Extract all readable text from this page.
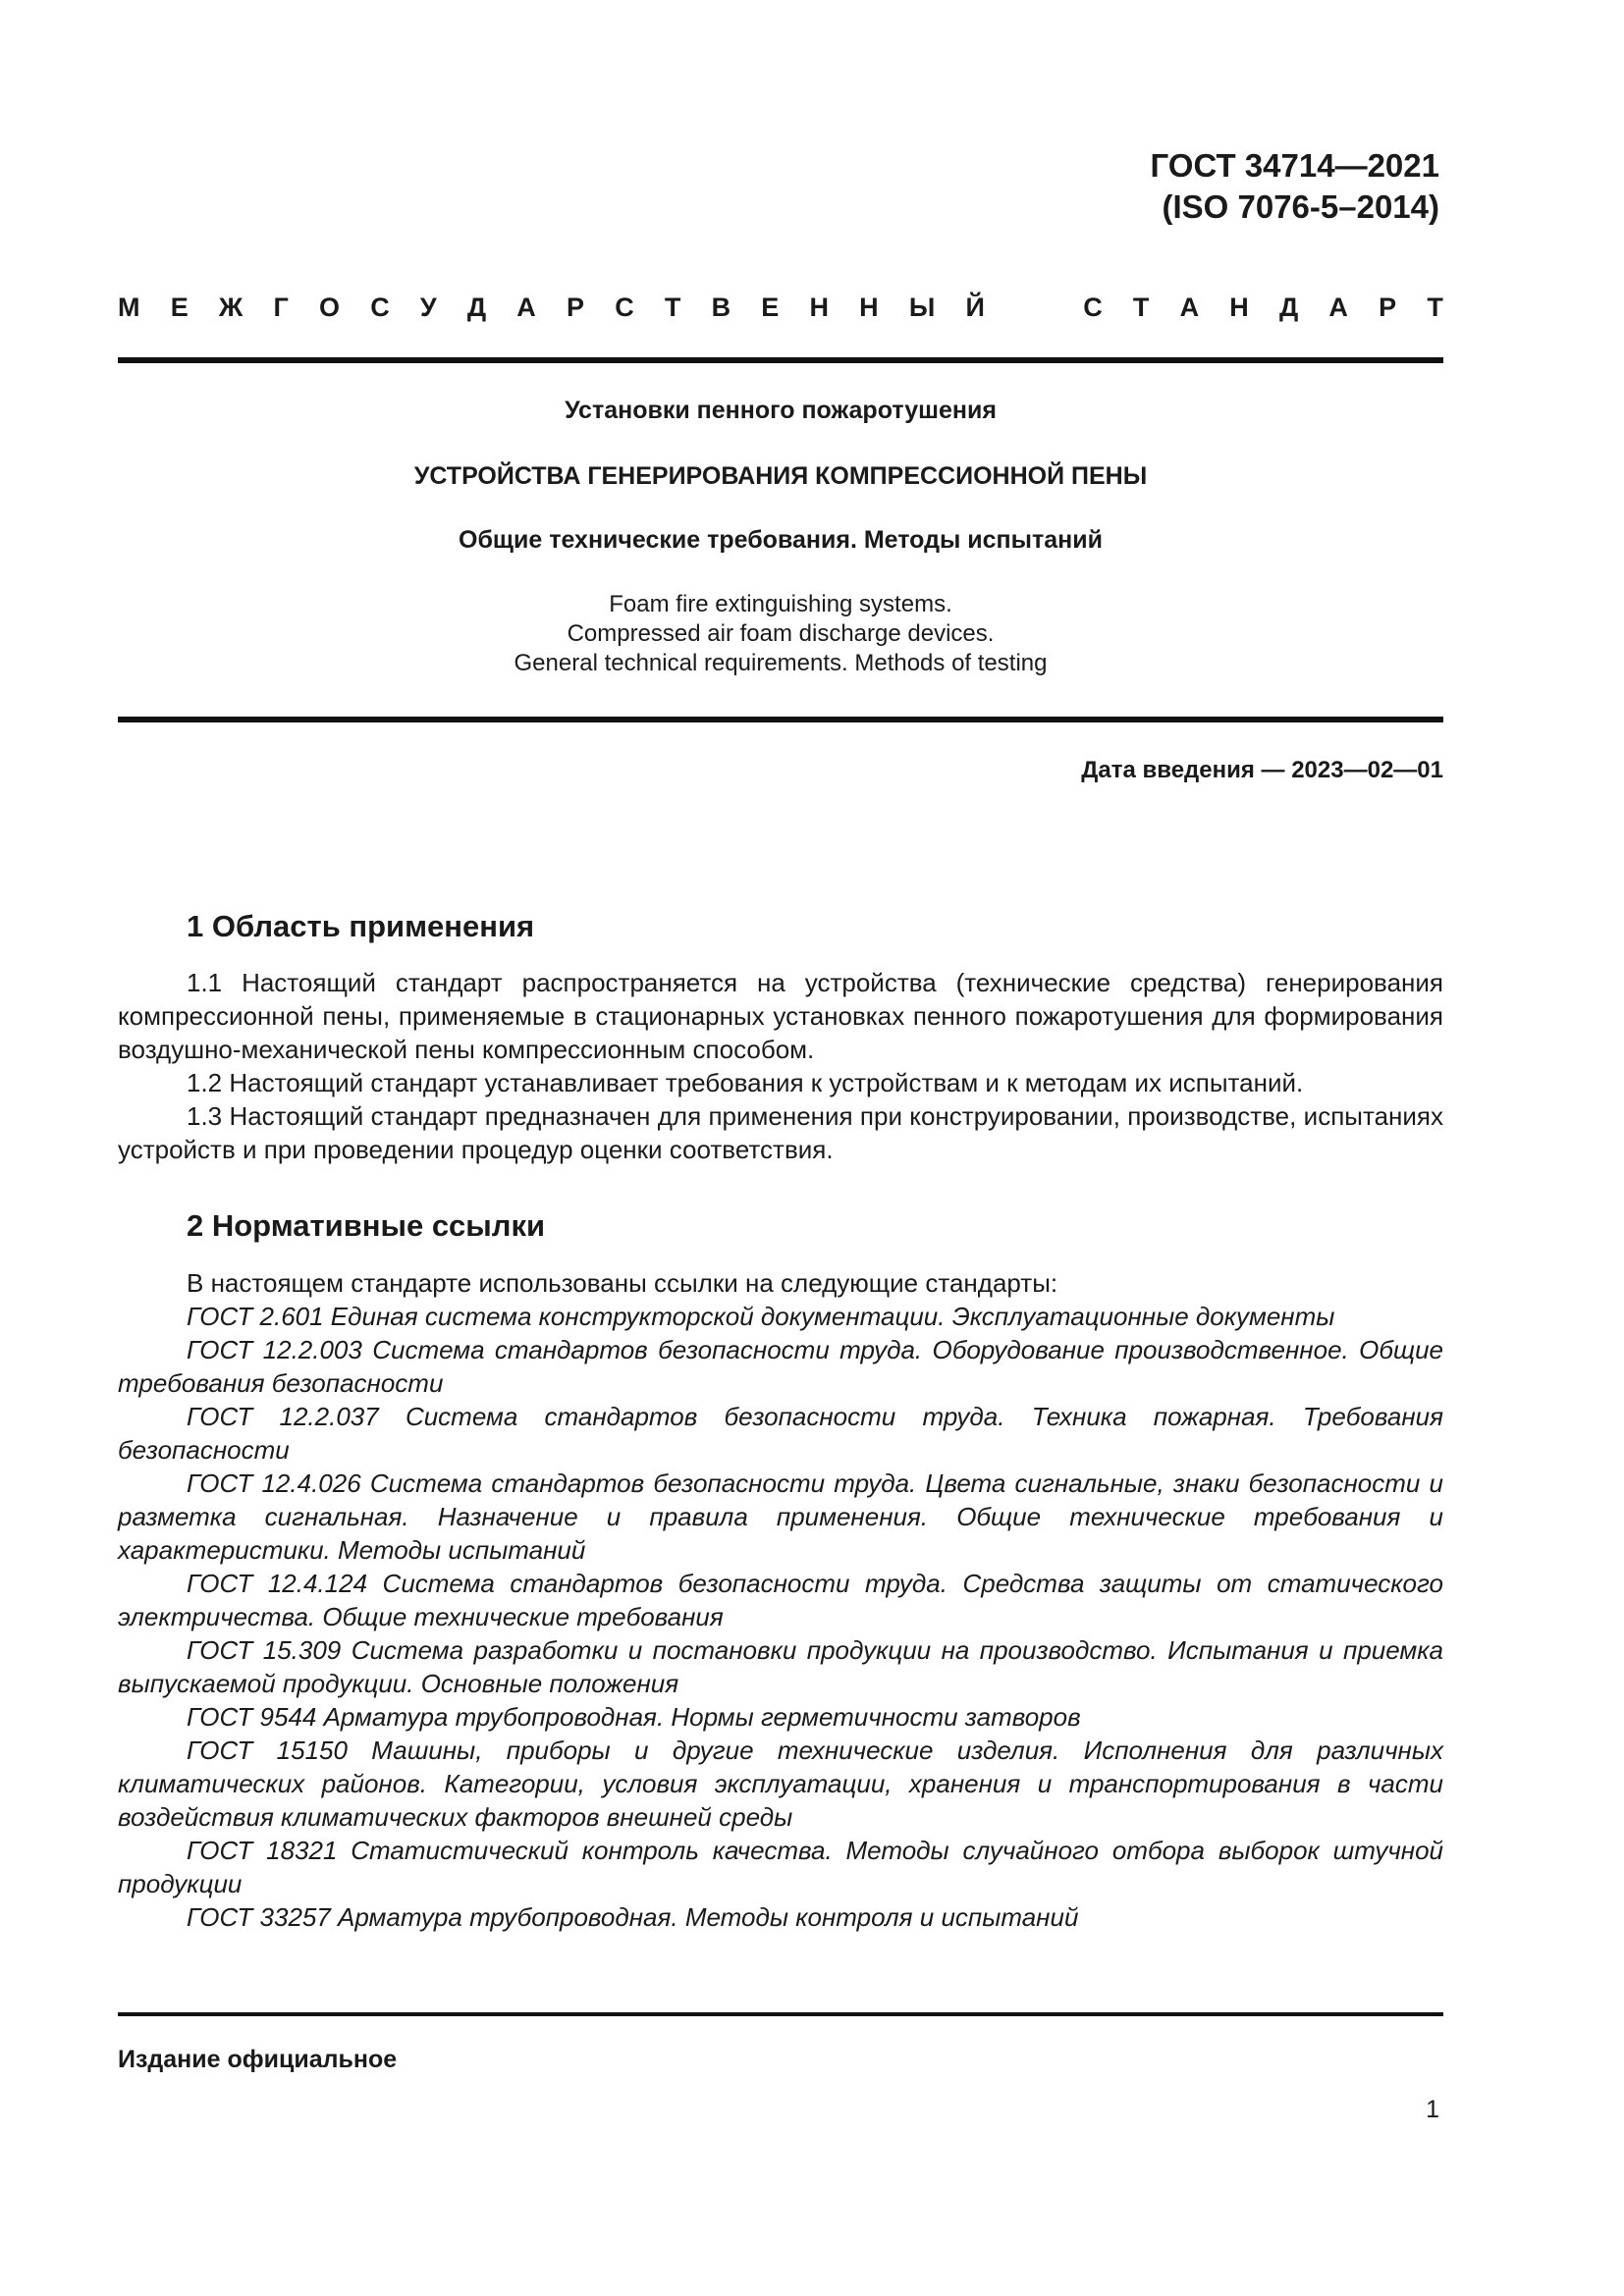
ГОСТ 34714—2021
(ISO 7076-5–2014)
М Е Ж Г О С У Д А Р С Т В Е Н Н Ы Й	С Т А Н Д А Р Т
Установки пенного пожаротушения
УСТРОЙСТВА ГЕНЕРИРОВАНИЯ КОМПРЕССИОННОЙ ПЕНЫ
Общие технические требования. Методы испытаний
Foam fire extinguishing systems.
Compressed air foam discharge devices.
General technical requirements. Methods of testing
Дата введения — 2023—02—01
1 Область применения

1.1 Настоящий стандарт распространяется на устройства (технические средства) генерирования компрессионной пены, применяемые в стационарных установках пенного пожаротушения для формирования воздушно-механической пены компрессионным способом.

1.2 Настоящий стандарт устанавливает требования к устройствам и к методам их испытаний.

1.3 Настоящий стандарт предназначен для применения при конструировании, производстве, испытаниях устройств и при проведении процедур оценки соответствия.

2 Нормативные ссылки

В настоящем стандарте использованы ссылки на следующие стандарты:

ГОСТ 2.601 Единая система конструкторской документации. Эксплуатационные документы

ГОСТ 12.2.003 Система стандартов безопасности труда. Оборудование производственное. Общие требования безопасности

ГОСТ 12.2.037 Система стандартов безопасности труда. Техника пожарная. Требования безопасности

ГОСТ 12.4.026 Система стандартов безопасности труда. Цвета сигнальные, знаки безопасности и разметка сигнальная. Назначение и правила применения. Общие технические требования и характеристики. Методы испытаний

ГОСТ 12.4.124 Система стандартов безопасности труда. Средства защиты от статического электричества. Общие технические требования

ГОСТ 15.309 Система разработки и постановки продукции на производство. Испытания и приемка выпускаемой продукции. Основные положения

ГОСТ 9544 Арматура трубопроводная. Нормы герметичности затворов

ГОСТ 15150 Машины, приборы и другие технические изделия. Исполнения для различных климатических районов. Категории, условия эксплуатации, хранения и транспортирования в части воздействия климатических факторов внешней среды

ГОСТ 18321 Статистический контроль качества. Методы случайного отбора выборок штучной продукции

ГОСТ 33257 Арматура трубопроводная. Методы контроля и испытаний

Издание официальное
1
